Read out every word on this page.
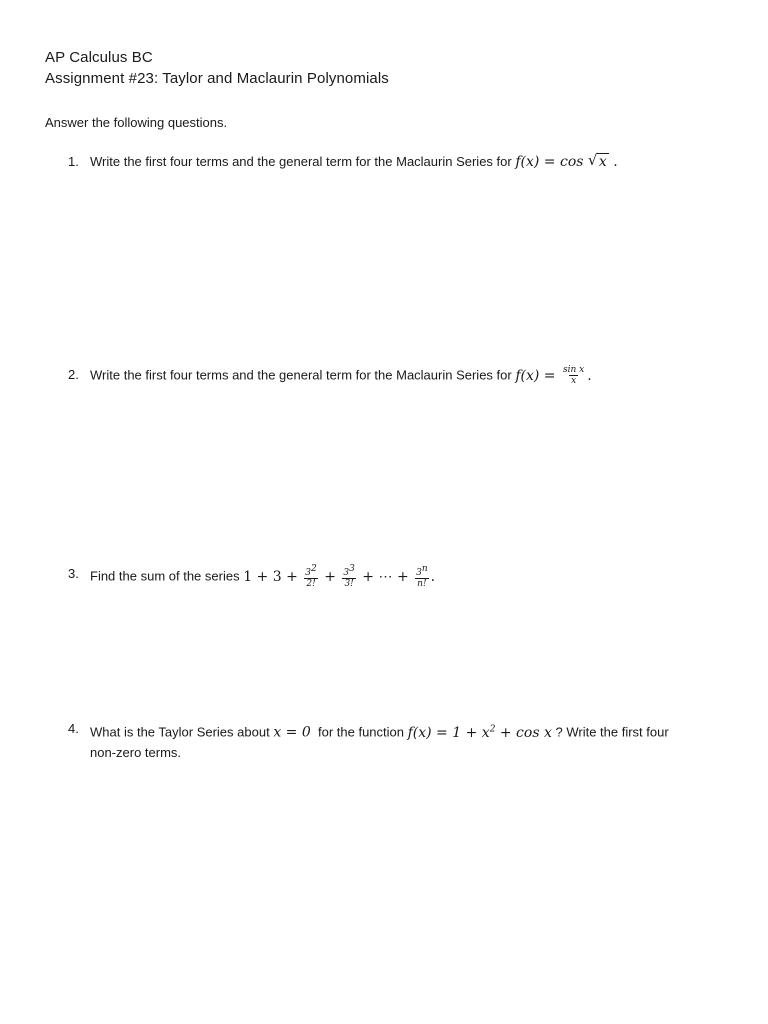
AP Calculus BC
Assignment #23: Taylor and Maclaurin Polynomials
Answer the following questions.
1. Write the first four terms and the general term for the Maclaurin Series for f(x) = cos √ x .
2. Write the first four terms and the general term for the Maclaurin Series for $f(x) = \frac{\text{sin x}}{x}$ .
3. Find the sum of the series $1 + 3 + \frac{3^2}{2!} + \frac{3^3}{3!}$ + ⋯ + $\frac{3^n}{n!}$ .
4. What is the Taylor Series about x = 0 for the function $f(x) = 1 + x^2 + \cos x$ ? Write the first four
non-zero terms.
